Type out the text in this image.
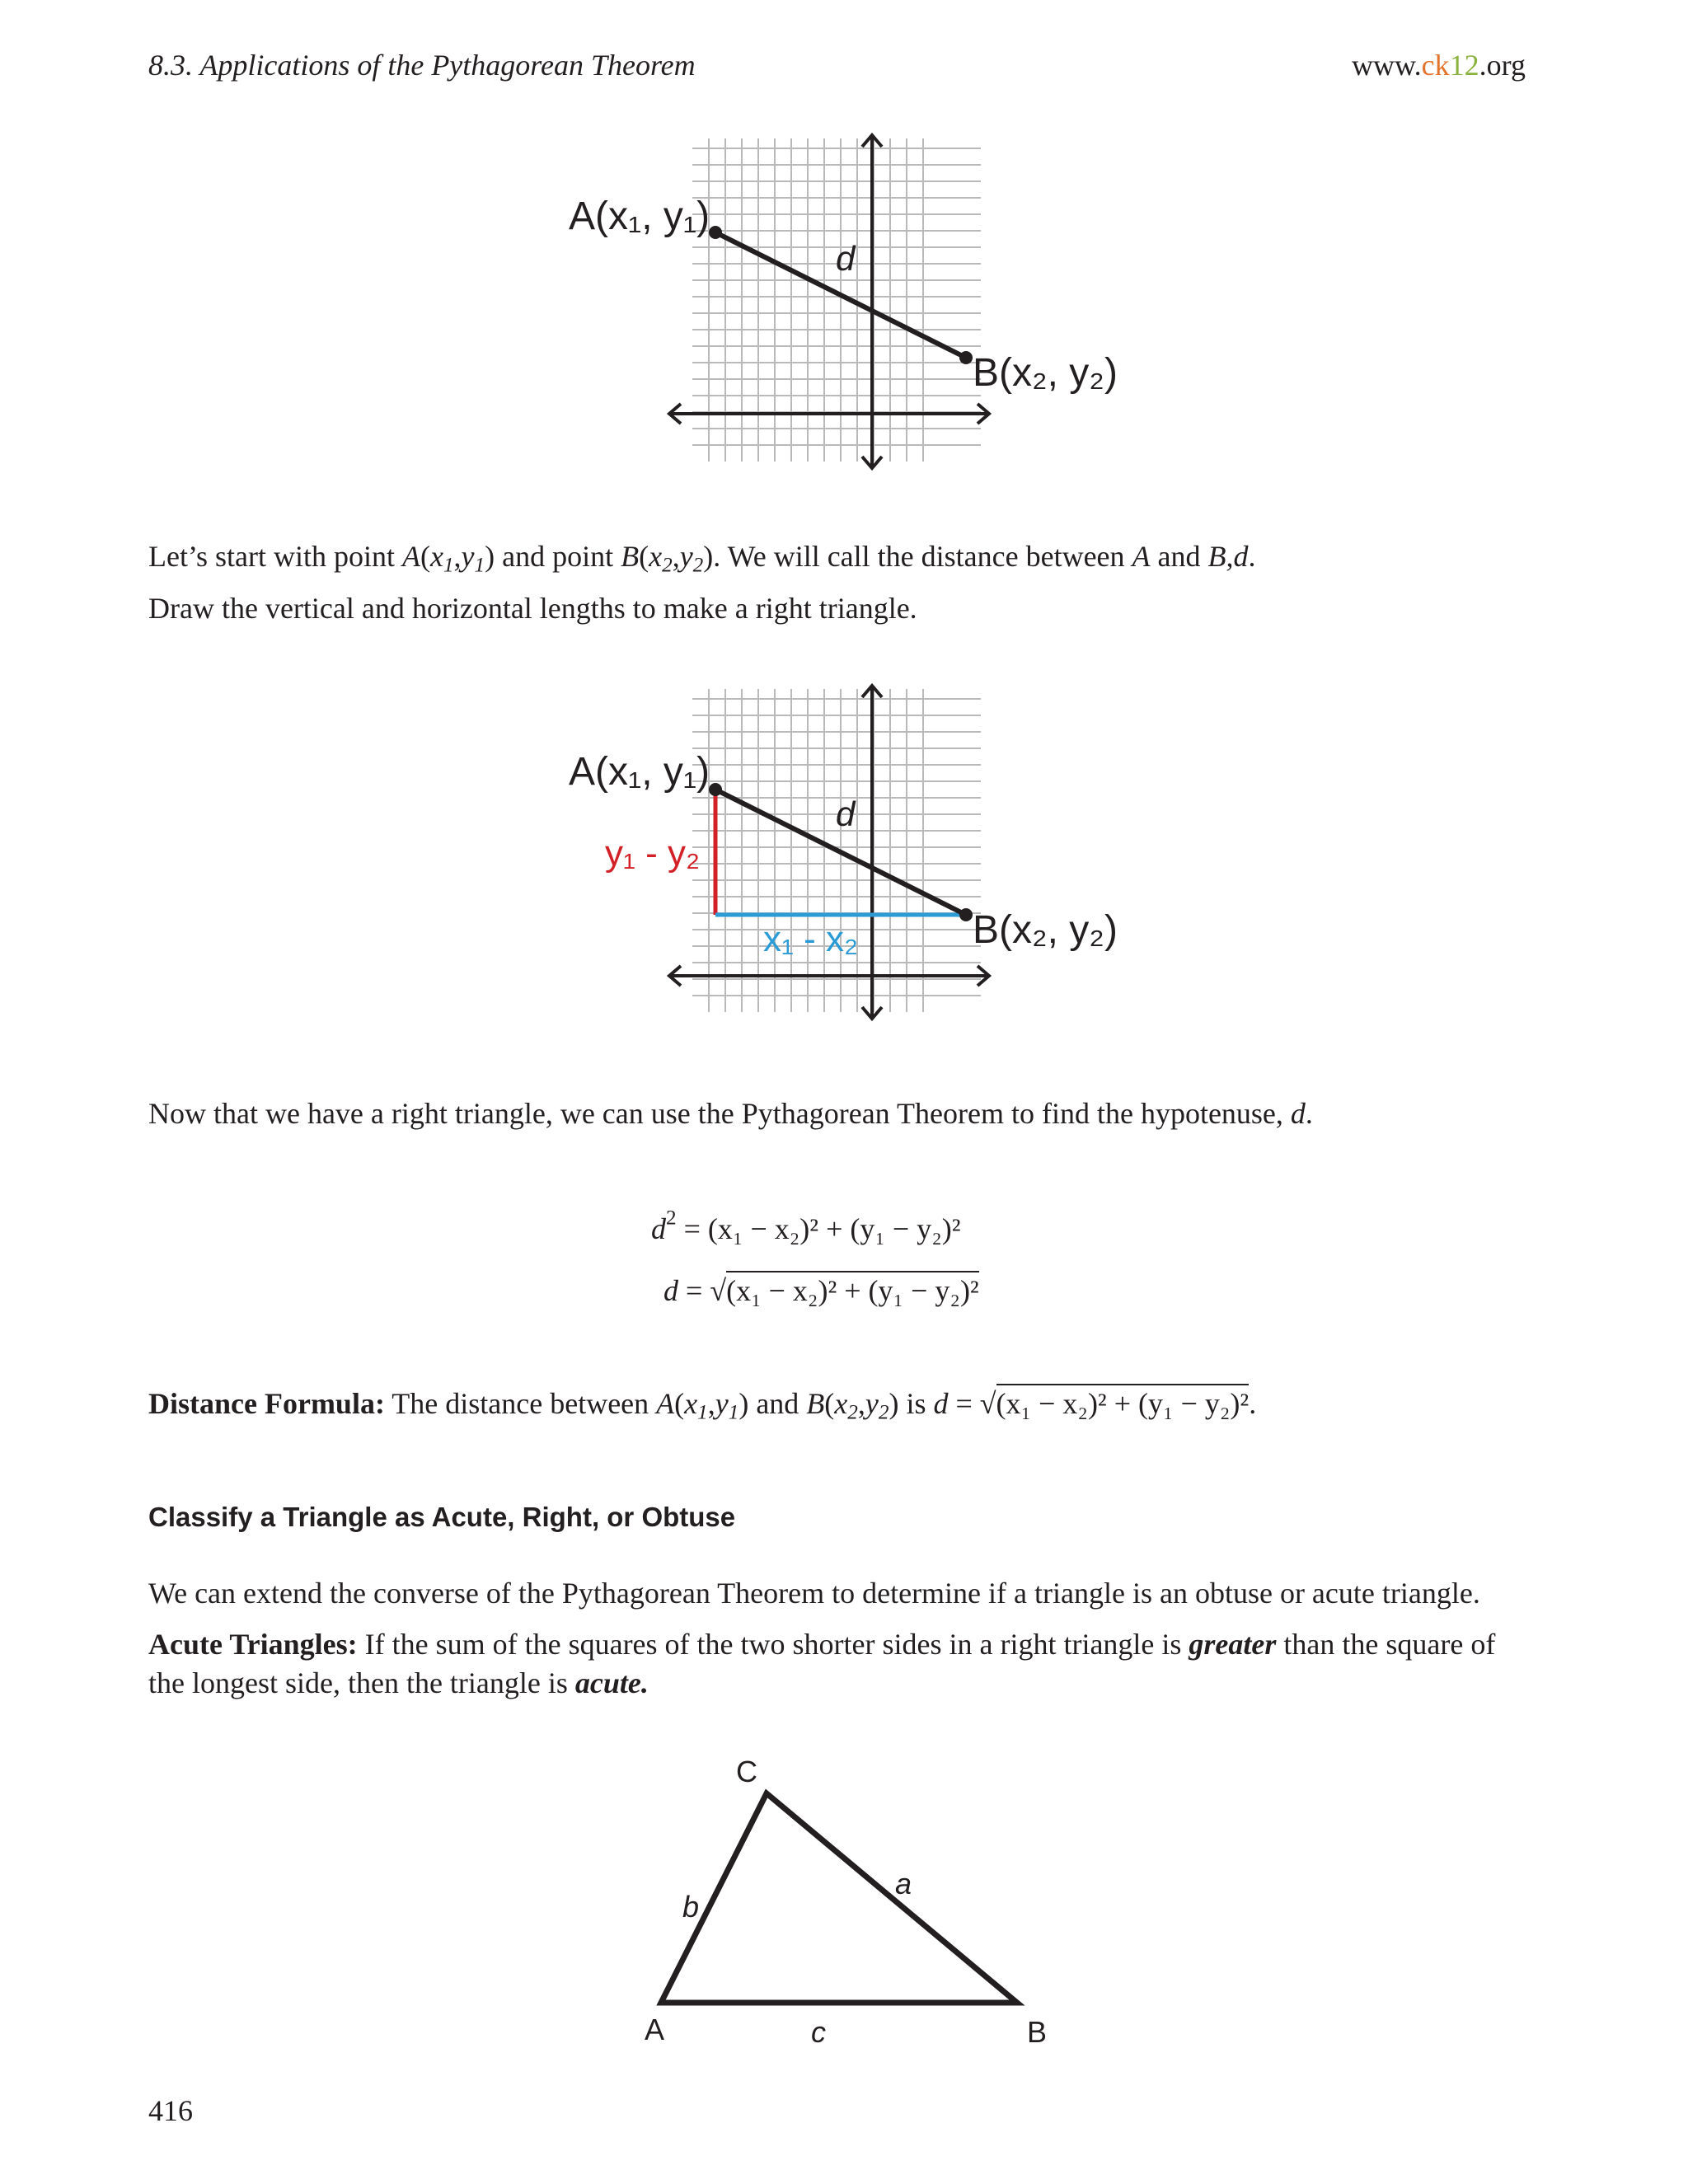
8.3. Applications of the Pythagorean Theorem	www.ck12.org
d
A(x₁, y₁)
B(x₂, y₂)
Let’s start with point $A(x_1,y_1)$ and point $B(x_2,y_2)$. We will call the distance between A and B,d.
Draw the vertical and horizontal lengths to make a right triangle.
d
A(x₁, y₁)
B(x₂, y₂)
y₁ - y₂
x₁ - x₂
Now that we have a right triangle, we can use the Pythagorean Theorem to find the hypotenuse, d.
$d^2 = (x_1 - x_2)^2 + (y_1 - y_2)^2$
d = √(x₁ − x₂)² + (y₁ − y₂)²
Distance Formula: The distance between $A(x_1,y_1)$ and $B(x_2,y_2)$ is d = √(x₁ − x₂)² + (y₁ − y₂)².
Classify a Triangle as Acute, Right, or Obtuse
We can extend the converse of the Pythagorean Theorem to determine if a triangle is an obtuse or acute triangle.
Acute Triangles: If the sum of the squares of the two shorter sides in a right triangle is greater than the square of
the longest side, then the triangle is acute.
A	B
C
a
b
c
416
